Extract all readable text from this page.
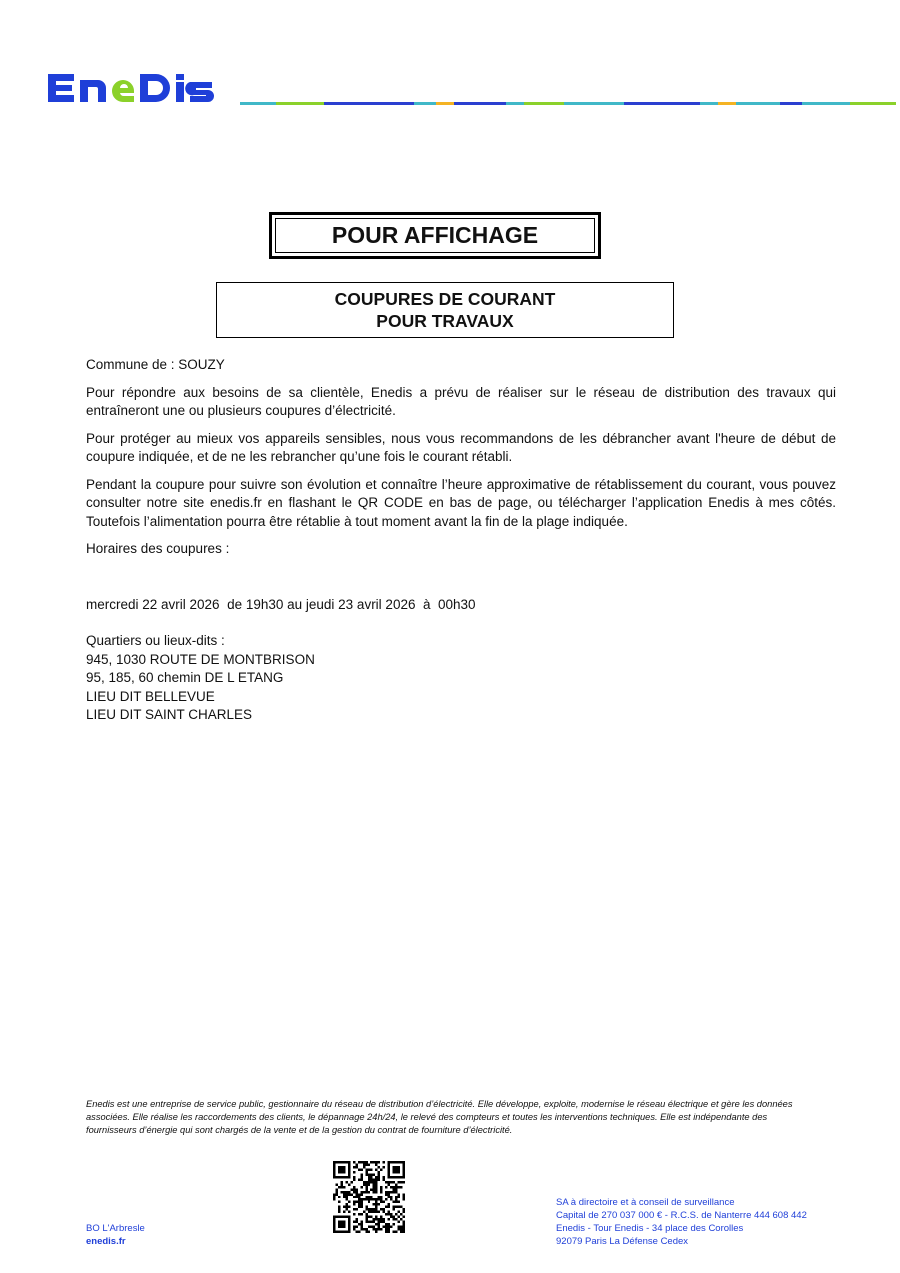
POUR AFFICHAGE
COUPURES DE COURANT
POUR TRAVAUX

Commune de : SOUZY

Pour répondre aux besoins de sa clientèle, Enedis a prévu de réaliser sur le réseau de distribution des travaux qui entraîneront une ou plusieurs coupures d’électricité.

Pour protéger au mieux vos appareils sensibles, nous vous recommandons de les débrancher avant l'heure de début de coupure indiquée, et de ne les rebrancher qu’une fois le courant rétabli.

Pendant la coupure pour suivre son évolution et connaître l’heure approximative de rétablissement du courant, vous pouvez consulter notre site enedis.fr en flashant le QR CODE en bas de page, ou télécharger l’application Enedis à mes côtés. Toutefois l’alimentation pourra être rétablie à tout moment avant la fin de la plage indiquée.

Horaires des coupures :

mercredi 22 avril 2026  de 19h30 au jeudi 23 avril 2026  à  00h30

Quartiers ou lieux-dits :

945, 1030 ROUTE DE MONTBRISON

95, 185, 60 chemin DE L ETANG

LIEU DIT BELLEVUE

LIEU DIT SAINT CHARLES

Enedis est une entreprise de service public, gestionnaire du réseau de distribution d’électricité. Elle développe, exploite, modernise le réseau électrique et gère les données associées. Elle réalise les raccordements des clients, le dépannage 24h/24, le relevé des compteurs et toutes les interventions techniques. Elle est indépendante des fournisseurs d’énergie qui sont chargés de la vente et de la gestion du contrat de fourniture d’électricité.
BO L'Arbresle
enedis.fr
SA à directoire et à conseil de surveillance
Capital de 270 037 000 € - R.C.S. de Nanterre 444 608 442
Enedis - Tour Enedis - 34 place des Corolles
92079 Paris La Défense Cedex
